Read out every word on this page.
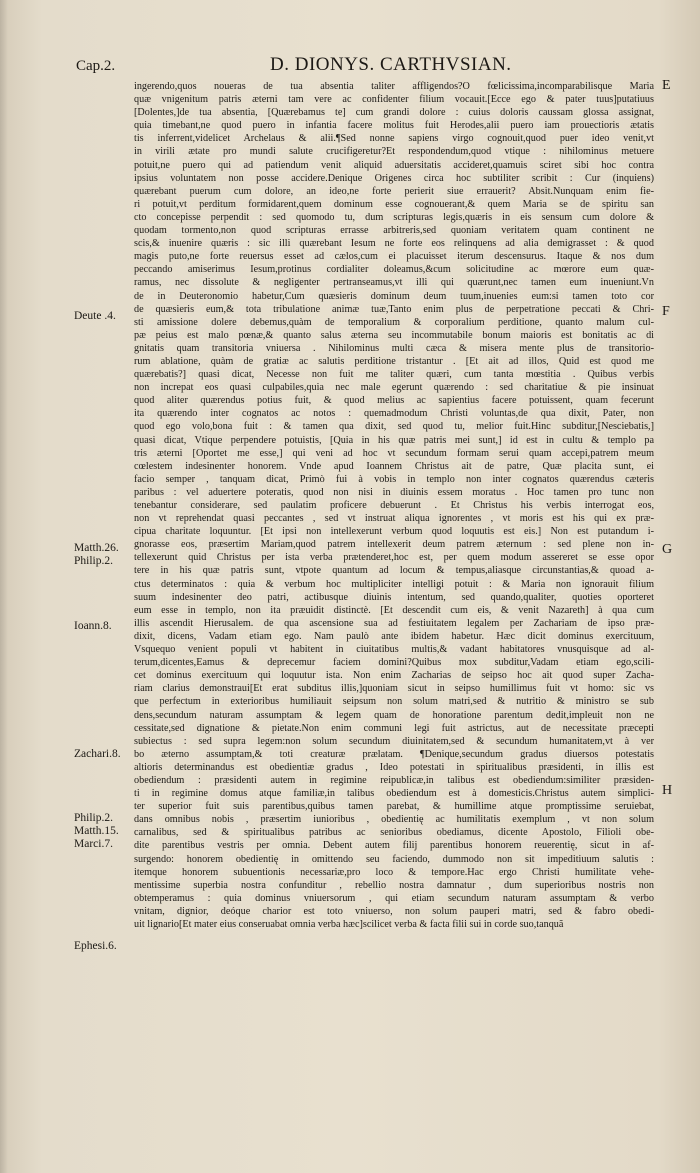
Cap.2.	D. DIONYS. CARTHVSIAN.
ingerendo,quos noueras de tua absentia taliter affligendos?O fœlicissima,incomparabilisque Maria
quæ vnigenitum patris æterni tam vere ac confidenter filium vocauit.[Ecce ego & pater tuus]putatiuus
[Dolentes,]de tua absentia, [Quærebamus te] cum grandi dolore : cuius doloris caussam glossa assignat,
quia timebant,ne quod puero in infantia facere molitus fuit Herodes,alii puero iam prouectioris ætatis
tis inferrent,videlicet Archelaus & alii.¶Sed nonne sapiens virgo cognouit,quod puer ideo venit,vt
in virili ætate pro mundi salute crucifigeretur?Et respondendum,quod vtique : nihilominus metuere
potuit,ne puero qui ad patiendum venit aliquid aduersitatis accideret,quamuis sciret sibi hoc contra
ipsius voluntatem non posse accidere.Denique Origenes circa hoc subtiliter scribit : Cur (inquiens)
quærebant puerum cum dolore, an ideo,ne forte perierit siue errauerit? Absit.Nunquam enim fie-
ri potuit,vt perditum formidarent,quem dominum esse cognouerant,& quem Maria se de spiritu san
cto concepisse perpendit : sed quomodo tu, dum scripturas legis,quæris in eis sensum cum dolore &
quodam tormento,non quod scripturas errasse arbitreris,sed quoniam veritatem quam continent ne
scis,& inuenire quæris : sic illi quærebant Iesum ne forte eos relinquens ad alia demigrasset : & quod
magis puto,ne forte reuersus esset ad cælos,cum ei placuisset iterum descensurus. Itaque & nos dum
peccando amiserimus Iesum,protinus cordialiter doleamus,&cum solicitudine ac mœrore eum quæ-
ramus, nec dissolute & negligenter pertranseamus,vt illi qui quærunt,nec tamen eum inueniunt.Vn
de in Deuteronomio habetur,Cum quæsieris dominum deum tuum,inuenies eum:si tamen toto cor
de quæsieris eum,& tota tribulatione animæ tuæ,Tanto enim plus de perpetratione peccati & Chri-
sti amissione dolere debemus,quàm de temporalium & corporalium perditione, quanto malum cul-
pæ peius est malo pœnæ,& quanto salus æterna seu incommutabile bonum maioris est bonitatis ac di
gnitatis quam transitoria vniuersa . Nihilominus multi cæca & misera mente plus de transitorio-
rum ablatione, quàm de gratiæ ac salutis perditione tristantur . [Et ait ad illos, Quid est quod me
quærebatis?] quasi dicat, Necesse non fuit me taliter quæri, cum tanta mœstitia . Quibus verbis
non increpat eos quasi culpabiles,quia nec male egerunt quærendo : sed charitatiue & pie insinuat
quod aliter quærendus potius fuit, & quod melius ac sapientius facere potuissent, quam fecerunt
ita quærendo inter cognatos ac notos : quemadmodum Christi voluntas,de qua dixit, Pater, non
quod ego volo,bona fuit : & tamen qua dixit, sed quod tu, melior fuit.Hinc subditur,[Nesciebatis,]
quasi dicat, Vtique perpendere potuistis, [Quia in his quæ patris mei sunt,] id est in cultu & templo pa
tris æterni [Oportet me esse,] qui veni ad hoc vt secundum formam serui quam accepi,patrem meum
cœlestem indesinenter honorem. Vnde apud Ioannem Christus ait de patre, Quæ placita sunt, ei
facio semper , tanquam dicat, Primò fui à vobis in templo non inter cognatos quærendus cæteris
paribus : vel aduertere poteratis, quod non nisi in diuinis essem moratus . Hoc tamen pro tunc non
tenebantur considerare, sed paulatim proficere debuerunt . Et Christus his verbis interrogat eos,
non vt reprehendat quasi peccantes , sed vt instruat aliqua ignorentes , vt moris est his qui ex præ-
cipua charitate loquuntur. [Et ipsi non intellexerunt verbum quod loquutis est eis.] Non est putandum i-
gnorasse eos, præsertim Mariam,quod patrem intellexerit deum patrem æternum : sed plene non in-
tellexerunt quid Christus per ista verba prætenderet,hoc est, per quem modum assereret se esse opor
tere in his quæ patris sunt, vtpote quantum ad locum & tempus,aliasque circunstantias,& quoad a-
ctus determinatos : quia & verbum hoc multipliciter intelligi potuit : & Maria non ignorauit filium
suum indesinenter deo patri, actibusque diuinis intentum, sed quando,qualiter, quoties oporteret
eum esse in templo, non ita præuidit distinctè. [Et descendit cum eis, & venit Nazareth] à qua cum
illis ascendit Hierusalem. de qua ascensione sua ad festiuitatem legalem per Zachariam de ipso præ-
dixit, dicens, Vadam etiam ego. Nam paulò ante ibidem habetur. Hæc dicit dominus exercituum,
Vsquequo venient populi vt habitent in ciuitatibus multis,& vadant habitatores vnusquisque ad al-
terum,dicentes,Eamus & deprecemur faciem domini?Quibus mox subditur,Vadam etiam ego,scili-
cet dominus exercituum qui loquutur ista. Non enim Zacharias de seipso hoc ait quod super Zacha-
riam clarius demonstraui[Et erat subditus illis,]quoniam sicut in seipso humillimus fuit vt homo: sic vs
que perfectum in exterioribus humiliauit seipsum non solum matri,sed & nutritio & ministro se sub
dens,secundum naturam assumptam & legem quam de honoratione parentum dedit,impleuit non ne
cessitate,sed dignatione & pietate.Non enim communi legi fuit astrictus, aut de necessitate præcepti
subiectus : sed supra legem:non solum secundum diuinitatem,sed & secundum humanitatem,vt à ver
bo æterno assumptam,& toti creaturæ prælatam. ¶Denique,secundum gradus diuersos potestatis
altioris determinandus est obedientiæ gradus , Ideo potestati in spiritualibus præsidenti, in illis est
obediendum : præsidenti autem in regimine reipublicæ,in talibus est obediendum:similiter præsiden-
ti in regimine domus atque familiæ,in talibus obediendum est à domesticis.Christus autem simplici-
ter superior fuit suis parentibus,quibus tamen parebat, & humillime atque promptissime seruiebat,
dans omnibus nobis , præsertim iunioribus , obedientię ac humilitatis exemplum , vt non solum
carnalibus, sed & spiritualibus patribus ac senioribus obediamus, dicente Apostolo, Filioli obe-
dite parentibus vestris per omnia. Debent autem filij parentibus honorem reuerentię, sicut in af-
surgendo: honorem obedientię in omittendo seu faciendo, dummodo non sit impeditiuum salutis :
itemque honorem subuentionis necessariæ,pro loco & tempore.Hac ergo Christi humilitate vehe-
mentissime superbia nostra confunditur , rebellio nostra damnatur , dum superioribus nostris non
obtemperamus : quia dominus vniuersorum , qui etiam secundum naturam assumptam & verbo
vnitam, dignior, deóque charior est toto vniuerso, non solum pauperi matri, sed & fabro obedi-
uit lignario[Et mater eius conseruabat omnia verba hæc]scilicet verba & facta filii sui in corde suo,tanquã
Deute .4.
Matth.26.
Philip.2.
Ioann.8.
Zachari.8.
Philip.2.
Matth.15.
Marci.7.
Ephesi.6.
E
F
G
H
